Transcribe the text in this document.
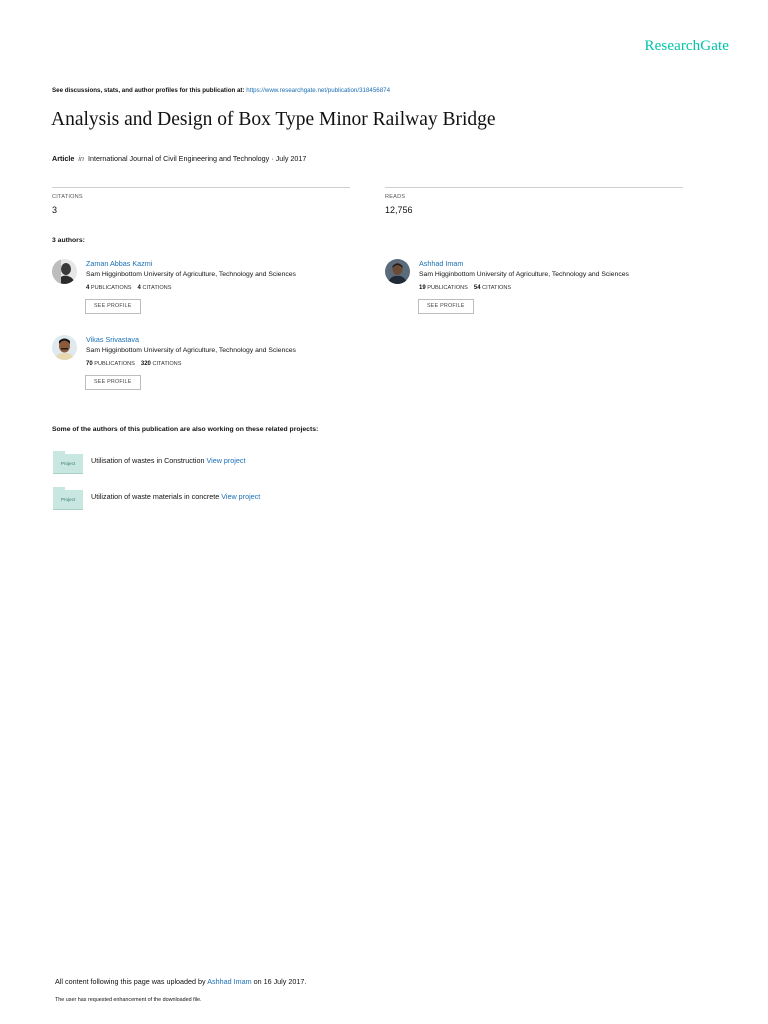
ResearchGate
See discussions, stats, and author profiles for this publication at: https://www.researchgate.net/publication/318456874
Analysis and Design of Box Type Minor Railway Bridge
Article in International Journal of Civil Engineering and Technology · July 2017
CITATIONS
3
READS
12,756
3 authors:
Zaman Abbas Kazmi
Sam Higginbottom University of Agriculture, Technology and Sciences
4 PUBLICATIONS 4 CITATIONS
SEE PROFILE
Ashhad Imam
Sam Higginbottom University of Agriculture, Technology and Sciences
19 PUBLICATIONS 54 CITATIONS
SEE PROFILE
Vikas Srivastava
Sam Higginbottom University of Agriculture, Technology and Sciences
70 PUBLICATIONS 320 CITATIONS
SEE PROFILE
Some of the authors of this publication are also working on these related projects:
Project	Utilisation of wastes in Construction View project
Project	Utilization of waste materials in concrete View project
All content following this page was uploaded by Ashhad Imam on 16 July 2017.
The user has requested enhancement of the downloaded file.
